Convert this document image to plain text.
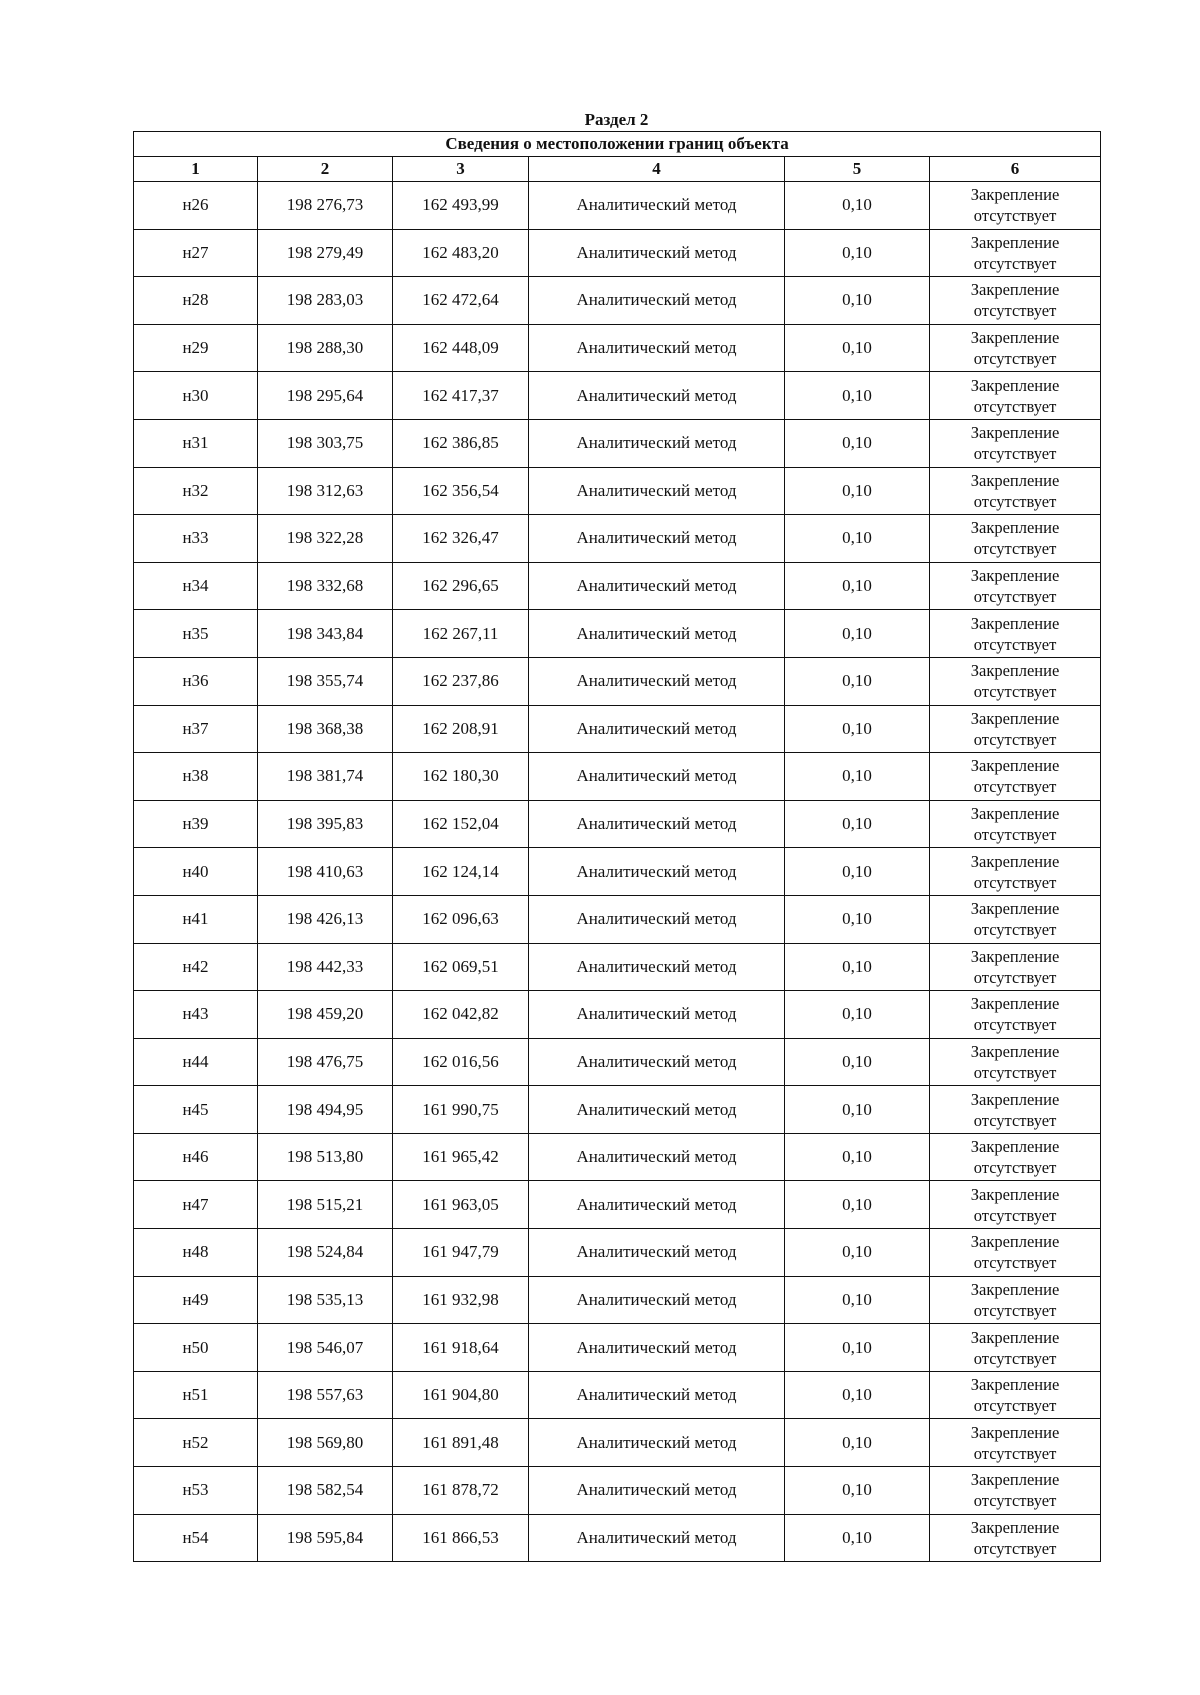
Раздел 2
Сведения о местоположении границ объекта					
1	2	3	4	5	6
н26	198 276,73	162 493,99	Аналитический метод	0,10	Закрепление
отсутствует

н27	198 279,49	162 483,20	Аналитический метод	0,10	Закрепление
отсутствует

н28	198 283,03	162 472,64	Аналитический метод	0,10	Закрепление
отсутствует

н29	198 288,30	162 448,09	Аналитический метод	0,10	Закрепление
отсутствует

н30	198 295,64	162 417,37	Аналитический метод	0,10	Закрепление
отсутствует

н31	198 303,75	162 386,85	Аналитический метод	0,10	Закрепление
отсутствует

н32	198 312,63	162 356,54	Аналитический метод	0,10	Закрепление
отсутствует

н33	198 322,28	162 326,47	Аналитический метод	0,10	Закрепление
отсутствует

н34	198 332,68	162 296,65	Аналитический метод	0,10	Закрепление
отсутствует

н35	198 343,84	162 267,11	Аналитический метод	0,10	Закрепление
отсутствует

н36	198 355,74	162 237,86	Аналитический метод	0,10	Закрепление
отсутствует

н37	198 368,38	162 208,91	Аналитический метод	0,10	Закрепление
отсутствует

н38	198 381,74	162 180,30	Аналитический метод	0,10	Закрепление
отсутствует

н39	198 395,83	162 152,04	Аналитический метод	0,10	Закрепление
отсутствует

н40	198 410,63	162 124,14	Аналитический метод	0,10	Закрепление
отсутствует

н41	198 426,13	162 096,63	Аналитический метод	0,10	Закрепление
отсутствует

н42	198 442,33	162 069,51	Аналитический метод	0,10	Закрепление
отсутствует

н43	198 459,20	162 042,82	Аналитический метод	0,10	Закрепление
отсутствует

н44	198 476,75	162 016,56	Аналитический метод	0,10	Закрепление
отсутствует

н45	198 494,95	161 990,75	Аналитический метод	0,10	Закрепление
отсутствует

н46	198 513,80	161 965,42	Аналитический метод	0,10	Закрепление
отсутствует

н47	198 515,21	161 963,05	Аналитический метод	0,10	Закрепление
отсутствует

н48	198 524,84	161 947,79	Аналитический метод	0,10	Закрепление
отсутствует

н49	198 535,13	161 932,98	Аналитический метод	0,10	Закрепление
отсутствует

н50	198 546,07	161 918,64	Аналитический метод	0,10	Закрепление
отсутствует

н51	198 557,63	161 904,80	Аналитический метод	0,10	Закрепление
отсутствует

н52	198 569,80	161 891,48	Аналитический метод	0,10	Закрепление
отсутствует

н53	198 582,54	161 878,72	Аналитический метод	0,10	Закрепление
отсутствует

н54	198 595,84	161 866,53	Аналитический метод	0,10	Закрепление
отсутствует
